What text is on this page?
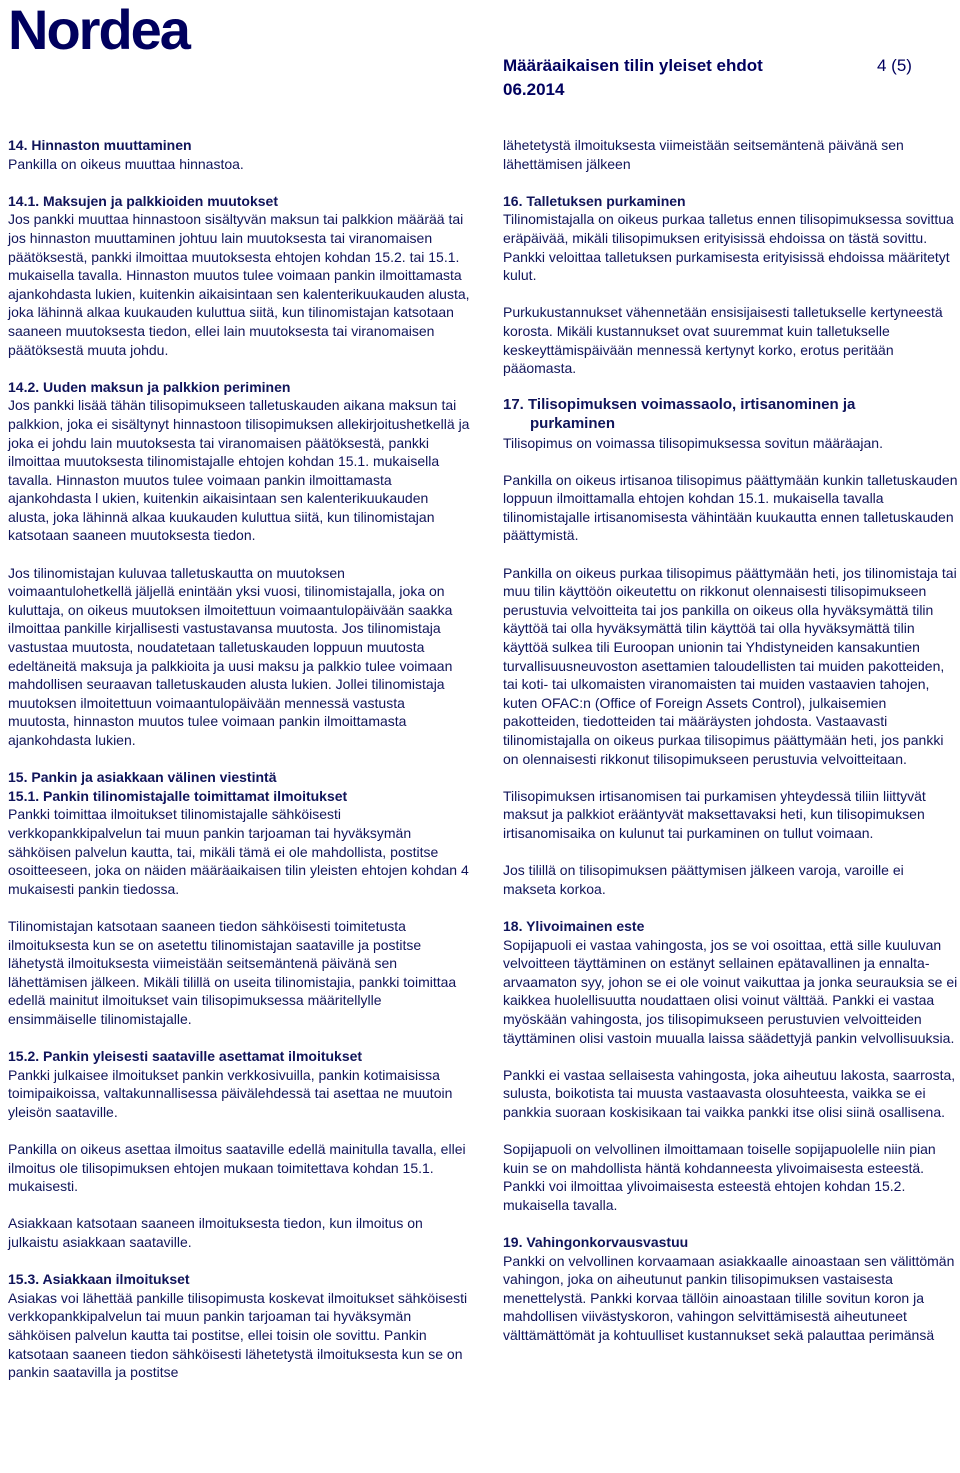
Nordea
Määräaikaisen tilin yleiset ehdot	4 (5)
06.2014

14. Hinnaston muuttaminen
Pankilla on oikeus muuttaa hinnastoa.

14.1. Maksujen ja palkkioiden muutokset
Jos pankki muuttaa hinnastoon sisältyvän maksun tai palkkion määrää tai jos hinnaston muuttaminen johtuu lain muutoksesta tai viranomaisen päätöksestä, pankki ilmoittaa muutoksesta ehtojen kohdan 15.2. tai 15.1. mukaisella tavalla. Hinnaston muutos tulee voimaan pankin ilmoittamasta ajankohdasta lukien, kuitenkin aikaisintaan sen kalenterikuukauden alusta, joka lähinnä alkaa kuukauden kuluttua siitä, kun tilinomistajan katsotaan saaneen muutoksesta tiedon, ellei lain muutoksesta tai viranomaisen päätöksestä muuta johdu.

14.2. Uuden maksun ja palkkion periminen
Jos pankki lisää tähän tilisopimukseen talletuskauden aikana maksun tai palkkion, joka ei sisältynyt hinnastoon tilisopimuksen allekirjoitushetkellä ja joka ei johdu lain muutoksesta tai viranomaisen päätöksestä, pankki ilmoittaa muutoksesta tilinomistajalle ehtojen kohdan 15.1. mukaisella tavalla. Hinnaston muutos tulee voimaan pankin ilmoittamasta ajankohdasta l ukien, kuitenkin aikaisintaan sen kalenterikuukauden alusta, joka lähinnä alkaa kuukauden kuluttua siitä, kun tilinomistajan katsotaan saaneen muutoksesta tiedon.

Jos tilinomistajan kuluvaa talletuskautta on muutoksen voimaantulohetkellä jäljellä enintään yksi vuosi, tilinomistajalla, joka on kuluttaja, on oikeus muutoksen ilmoitettuun voimaantulopäivään saakka ilmoittaa pankille kirjallisesti vastustavansa muutosta. Jos tilinomistaja vastustaa muutosta, noudatetaan talletuskauden loppuun muutosta edeltäneitä maksuja ja palkkioita ja uusi maksu ja palkkio tulee voimaan mahdollisen seuraavan talletuskauden alusta lukien. Jollei tilinomistaja muutoksen ilmoitettuun voimaantulopäivään mennessä vastusta muutosta, hinnaston muutos tulee voimaan pankin ilmoittamasta ajankohdasta lukien.

15. Pankin ja asiakkaan välinen viestintä
15.1. Pankin tilinomistajalle toimittamat ilmoitukset
Pankki toimittaa ilmoitukset tilinomistajalle sähköisesti verkkopankkipalvelun tai muun pankin tarjoaman tai hyväksymän sähköisen palvelun kautta, tai, mikäli tämä ei ole mahdollista, postitse osoitteeseen, joka on näiden määräaikaisen tilin yleisten ehtojen kohdan 4 mukaisesti pankin tiedossa.

Tilinomistajan katsotaan saaneen tiedon sähköisesti toimitetusta ilmoituksesta kun se on asetettu tilinomistajan saataville ja postitse lähetystä ilmoituksesta viimeistään seitsemäntenä päivänä sen lähettämisen jälkeen. Mikäli tilillä on useita tilinomistajia, pankki toimittaa edellä mainitut ilmoitukset vain tilisopimuksessa määritellylle ensimmäiselle tilinomistajalle.

15.2. Pankin yleisesti saataville asettamat ilmoitukset
Pankki julkaisee ilmoitukset pankin verkkosivuilla, pankin kotimaisissa toimipaikoissa, valtakunnallisessa päivälehdessä tai asettaa ne muutoin yleisön saataville.

Pankilla on oikeus asettaa ilmoitus saataville edellä mainitulla tavalla, ellei ilmoitus ole tilisopimuksen ehtojen mukaan toimitettava kohdan 15.1. mukaisesti.

Asiakkaan katsotaan saaneen ilmoituksesta tiedon, kun ilmoitus on julkaistu asiakkaan saataville.

15.3. Asiakkaan ilmoitukset
Asiakas voi lähettää pankille tilisopimusta koskevat ilmoitukset sähköisesti verkkopankkipalvelun tai muun pankin tarjoaman tai hyväksymän sähköisen palvelun kautta tai postitse, ellei toisin ole sovittu. Pankin katsotaan saaneen tiedon sähköisesti lähetetystä ilmoituksesta kun se on pankin saatavilla ja postitse

lähetetystä ilmoituksesta viimeistään seitsemäntenä päivänä sen lähettämisen jälkeen

16. Talletuksen purkaminen
Tilinomistajalla on oikeus purkaa talletus ennen tilisopimuksessa sovittua eräpäivää, mikäli tilisopimuksen erityisissä ehdoissa on tästä sovittu. Pankki veloittaa talletuksen purkamisesta erityisissä ehdoissa määritetyt kulut.

Purkukustannukset vähennetään ensisijaisesti talletukselle kertyneestä korosta. Mikäli kustannukset ovat suuremmat kuin talletukselle keskeyttämispäivään mennessä kertynyt korko, erotus peritään pääomasta.

17. Tilisopimuksen voimassaolo, irtisanominen ja
purkaminen
Tilisopimus on voimassa tilisopimuksessa sovitun määräajan.

Pankilla on oikeus irtisanoa tilisopimus päättymään kunkin talletuskauden loppuun ilmoittamalla ehtojen kohdan 15.1. mukaisella tavalla tilinomistajalle irtisanomisesta vähintään kuukautta ennen talletuskauden päättymistä.

Pankilla on oikeus purkaa tilisopimus päättymään heti, jos tilinomistaja tai muu tilin käyttöön oikeutettu on rikkonut olennaisesti tilisopimukseen perustuvia velvoitteita tai jos pankilla on oikeus olla hyväksymättä tilin käyttöä tai olla hyväksymättä tilin käyttöä tai olla hyväksymättä tilin käyttöä sulkea tili Euroopan unionin tai Yhdistyneiden kansakuntien turvallisuusneuvoston asettamien taloudellisten tai muiden pakotteiden, tai koti- tai ulkomaisten viranomaisten tai muiden vastaavien tahojen, kuten OFAC:n (Office of Foreign Assets Control), julkaisemien pakotteiden, tiedotteiden tai määräysten johdosta. Vastaavasti tilinomistajalla on oikeus purkaa tilisopimus päättymään heti, jos pankki on olennaisesti rikkonut tilisopimukseen perustuvia velvoitteitaan.

Tilisopimuksen irtisanomisen tai purkamisen yhteydessä tiliin liittyvät maksut ja palkkiot erääntyvät maksettavaksi heti, kun tilisopimuksen irtisanomisaika on kulunut tai purkaminen on tullut voimaan.

Jos tilillä on tilisopimuksen päättymisen jälkeen varoja, varoille ei makseta korkoa.

18. Ylivoimainen este
Sopijapuoli ei vastaa vahingosta, jos se voi osoittaa, että sille kuuluvan velvoitteen täyttäminen on estänyt sellainen epätavallinen ja ennalta-arvaamaton syy, johon se ei ole voinut vaikuttaa ja jonka seurauksia se ei kaikkea huolellisuutta noudattaen olisi voinut välttää. Pankki ei vastaa myöskään vahingosta, jos tilisopimukseen perustuvien velvoitteiden täyttäminen olisi vastoin muualla laissa säädettyjä pankin velvollisuuksia.

Pankki ei vastaa sellaisesta vahingosta, joka aiheutuu lakosta, saarrosta, sulusta, boikotista tai muusta vastaavasta olosuhteesta, vaikka se ei pankkia suoraan koskisikaan tai vaikka pankki itse olisi siinä osallisena.

Sopijapuoli on velvollinen ilmoittamaan toiselle sopijapuolelle niin pian kuin se on mahdollista häntä kohdanneesta ylivoimaisesta esteestä. Pankki voi ilmoittaa ylivoimaisesta esteestä ehtojen kohdan 15.2. mukaisella tavalla.

19. Vahingonkorvausvastuu
Pankki on velvollinen korvaamaan asiakkaalle ainoastaan sen välittömän vahingon, joka on aiheutunut pankin tilisopimuksen vastaisesta menettelystä. Pankki korvaa tällöin ainoastaan tilille sovitun koron ja mahdollisen viivästyskoron, vahingon selvittämisestä aiheutuneet välttämättömät ja kohtuulliset kustannukset sekä palauttaa perimänsä
